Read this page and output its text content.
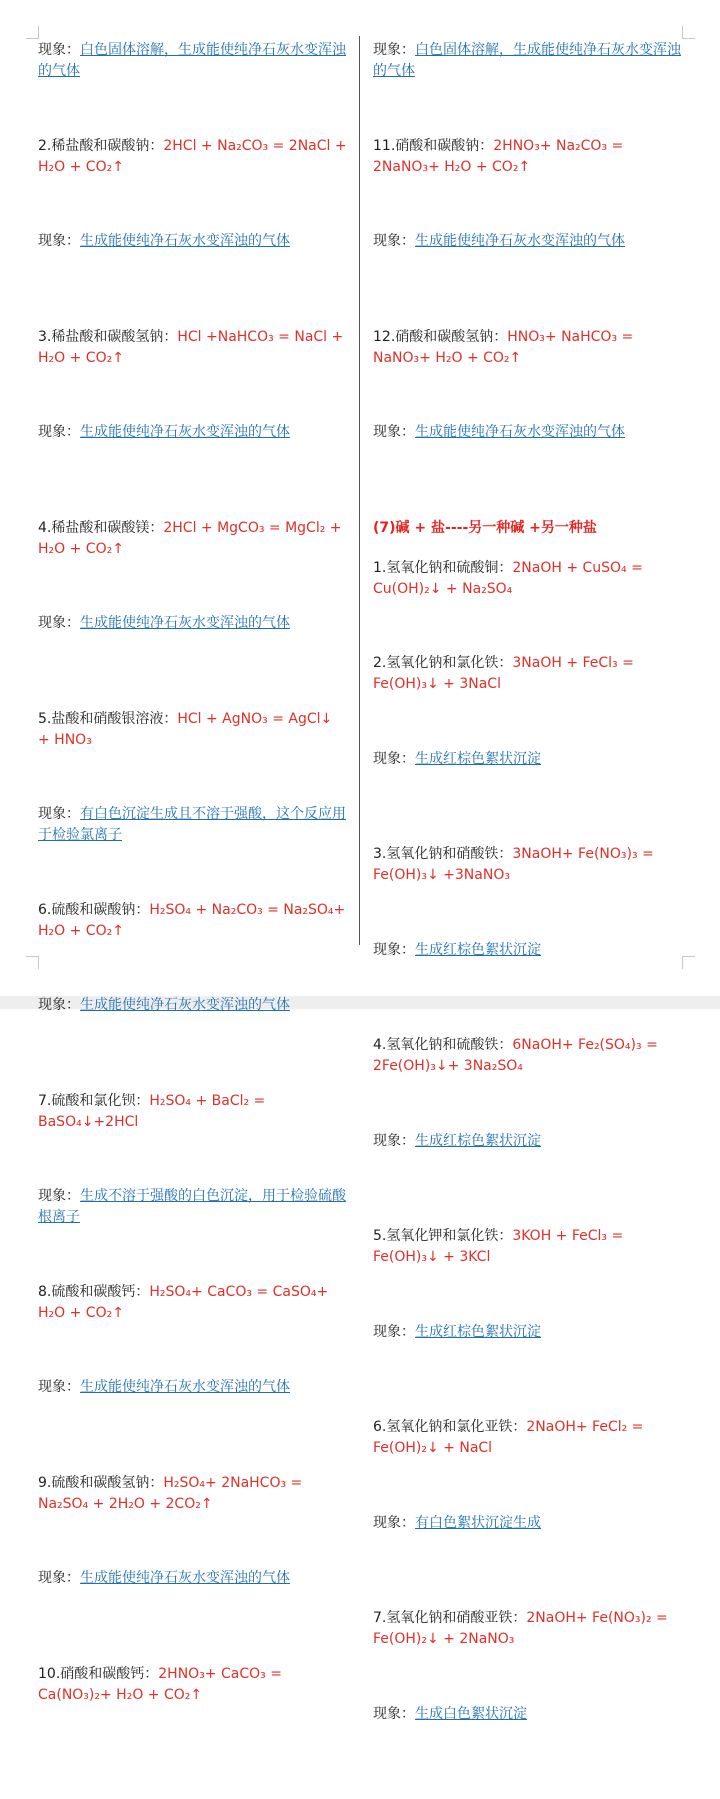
现象：白色固体溶解，生成能使纯净石灰水变浑浊的气体
2.稀盐酸和碳酸钠：2HCl + Na₂CO₃ = 2NaCl + H₂O + CO₂↑
现象：生成能使纯净石灰水变浑浊的气体
3.稀盐酸和碳酸氢钠：HCl +NaHCO₃ = NaCl + H₂O + CO₂↑
现象：生成能使纯净石灰水变浑浊的气体
4.稀盐酸和碳酸镁：2HCl + MgCO₃ = MgCl₂ + H₂O + CO₂↑
现象：生成能使纯净石灰水变浑浊的气体
5.盐酸和硝酸银溶液：HCl + AgNO₃ = AgCl↓ + HNO₃
现象：有白色沉淀生成且不溶于强酸，这个反应用于检验氯离子
6.硫酸和碳酸钠：H₂SO₄ + Na₂CO₃ = Na₂SO₄+ H₂O + CO₂↑
现象：生成能使纯净石灰水变浑浊的气体
7.硫酸和氯化钡：H₂SO₄ + BaCl₂ = BaSO₄↓+2HCl
现象：生成不溶于强酸的白色沉淀，用于检验硫酸根离子
8.硫酸和碳酸钙：H₂SO₄+ CaCO₃ = CaSO₄+ H₂O + CO₂↑
现象：生成能使纯净石灰水变浑浊的气体
9.硫酸和碳酸氢钠：H₂SO₄+ 2NaHCO₃ = Na₂SO₄ + 2H₂O + 2CO₂↑
现象：生成能使纯净石灰水变浑浊的气体
10.硝酸和碳酸钙：2HNO₃+ CaCO₃ = Ca(NO₃)₂+ H₂O + CO₂↑
现象：白色固体溶解，生成能使纯净石灰水变浑浊的气体
11.硝酸和碳酸钠：2HNO₃+ Na₂CO₃ = 2NaNO₃+ H₂O + CO₂↑
现象：生成能使纯净石灰水变浑浊的气体
12.硝酸和碳酸氢钠：HNO₃+ NaHCO₃ = NaNO₃+ H₂O + CO₂↑
现象：生成能使纯净石灰水变浑浊的气体
(7)碱 + 盐----另一种碱 +另一种盐
1.氢氧化钠和硫酸铜：2NaOH + CuSO₄ = Cu(OH)₂↓ + Na₂SO₄
2.氢氧化钠和氯化铁：3NaOH + FeCl₃ = Fe(OH)₃↓ + 3NaCl
现象：生成红棕色絮状沉淀
3.氢氧化钠和硝酸铁：3NaOH+ Fe(NO₃)₃ = Fe(OH)₃↓ +3NaNO₃
现象：生成红棕色絮状沉淀
4.氢氧化钠和硫酸铁：6NaOH+ Fe₂(SO₄)₃ = 2Fe(OH)₃↓+ 3Na₂SO₄
现象：生成红棕色絮状沉淀
5.氢氧化钾和氯化铁：3KOH + FeCl₃ = Fe(OH)₃↓ + 3KCl
现象：生成红棕色絮状沉淀
6.氢氧化钠和氯化亚铁：2NaOH+ FeCl₂ = Fe(OH)₂↓ + NaCl
现象：有白色絮状沉淀生成
7.氢氧化钠和硝酸亚铁：2NaOH+ Fe(NO₃)₂ = Fe(OH)₂↓ + 2NaNO₃
现象：生成白色絮状沉淀
